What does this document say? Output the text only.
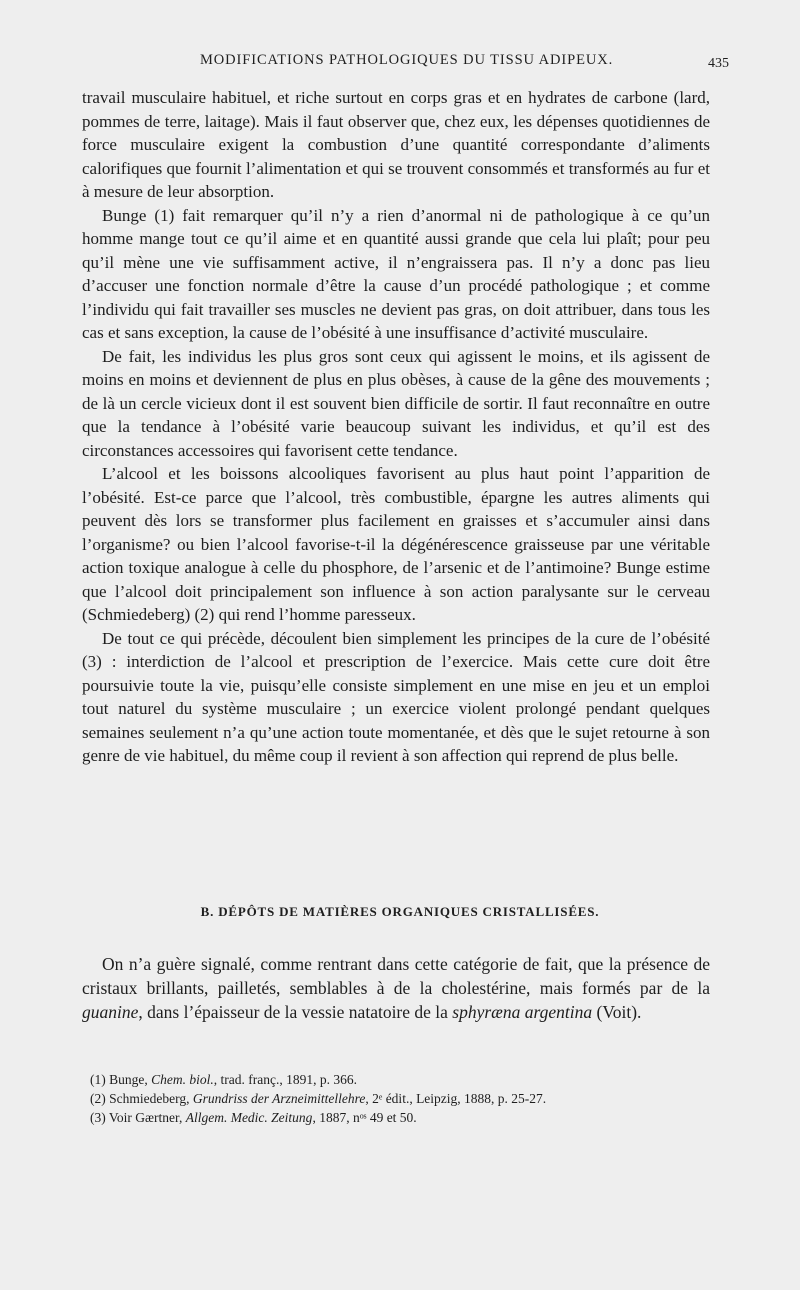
MODIFICATIONS PATHOLOGIQUES DU TISSU ADIPEUX.	435

travail musculaire habituel, et riche surtout en corps gras et en hydrates de carbone (lard, pommes de terre, laitage). Mais il faut observer que, chez eux, les dépenses quotidiennes de force musculaire exigent la combustion d’une quantité correspondante d’aliments calorifiques que fournit l’alimentation et qui se trouvent consommés et transformés au fur et à mesure de leur absorption.

Bunge (1) fait remarquer qu’il n’y a rien d’anormal ni de pathologique à ce qu’un homme mange tout ce qu’il aime et en quantité aussi grande que cela lui plaît; pour peu qu’il mène une vie suffisamment active, il n’engraissera pas. Il n’y a donc pas lieu d’accuser une fonction normale d’être la cause d’un procédé pathologique ; et comme l’individu qui fait travailler ses muscles ne devient pas gras, on doit attribuer, dans tous les cas et sans exception, la cause de l’obésité à une insuffisance d’activité musculaire.

De fait, les individus les plus gros sont ceux qui agissent le moins, et ils agissent de moins en moins et deviennent de plus en plus obèses, à cause de la gêne des mouvements ; de là un cercle vicieux dont il est souvent bien difficile de sortir. Il faut reconnaître en outre que la tendance à l’obésité varie beaucoup suivant les individus, et qu’il est des circonstances accessoires qui favorisent cette tendance.

L’alcool et les boissons alcooliques favorisent au plus haut point l’apparition de l’obésité. Est-ce parce que l’alcool, très combustible, épargne les autres aliments qui peuvent dès lors se transformer plus facilement en graisses et s’accumuler ainsi dans l’organisme? ou bien l’alcool favorise-t-il la dégénérescence graisseuse par une véritable action toxique analogue à celle du phosphore, de l’arsenic et de l’antimoine? Bunge estime que l’alcool doit principalement son influence à son action paralysante sur le cerveau (Schmiedeberg) (2) qui rend l’homme paresseux.

De tout ce qui précède, découlent bien simplement les principes de la cure de l’obésité (3) : interdiction de l’alcool et prescription de l’exercice. Mais cette cure doit être poursuivie toute la vie, puisqu’elle consiste simplement en une mise en jeu et un emploi tout naturel du système musculaire ; un exercice violent prolongé pendant quelques semaines seulement n’a qu’une action toute momentanée, et dès que le sujet retourne à son genre de vie habituel, du même coup il revient à son affection qui reprend de plus belle.

B. DÉPÔTS DE MATIÈRES ORGANIQUES CRISTALLISÉES.

On n’a guère signalé, comme rentrant dans cette catégorie de fait, que la présence de cristaux brillants, pailletés, semblables à de la cholestérine, mais formés par de la guanine, dans l’épaisseur de la vessie natatoire de la sphyræna argentina (Voit).

(1) Bunge, Chem. biol., trad. franç., 1891, p. 366.

(2) Schmiedeberg, Grundriss der Arzneimittellehre, 2ᵉ édit., Leipzig, 1888, p. 25-27.

(3) Voir Gærtner, Allgem. Medic. Zeitung, 1887, nᵒˢ 49 et 50.
